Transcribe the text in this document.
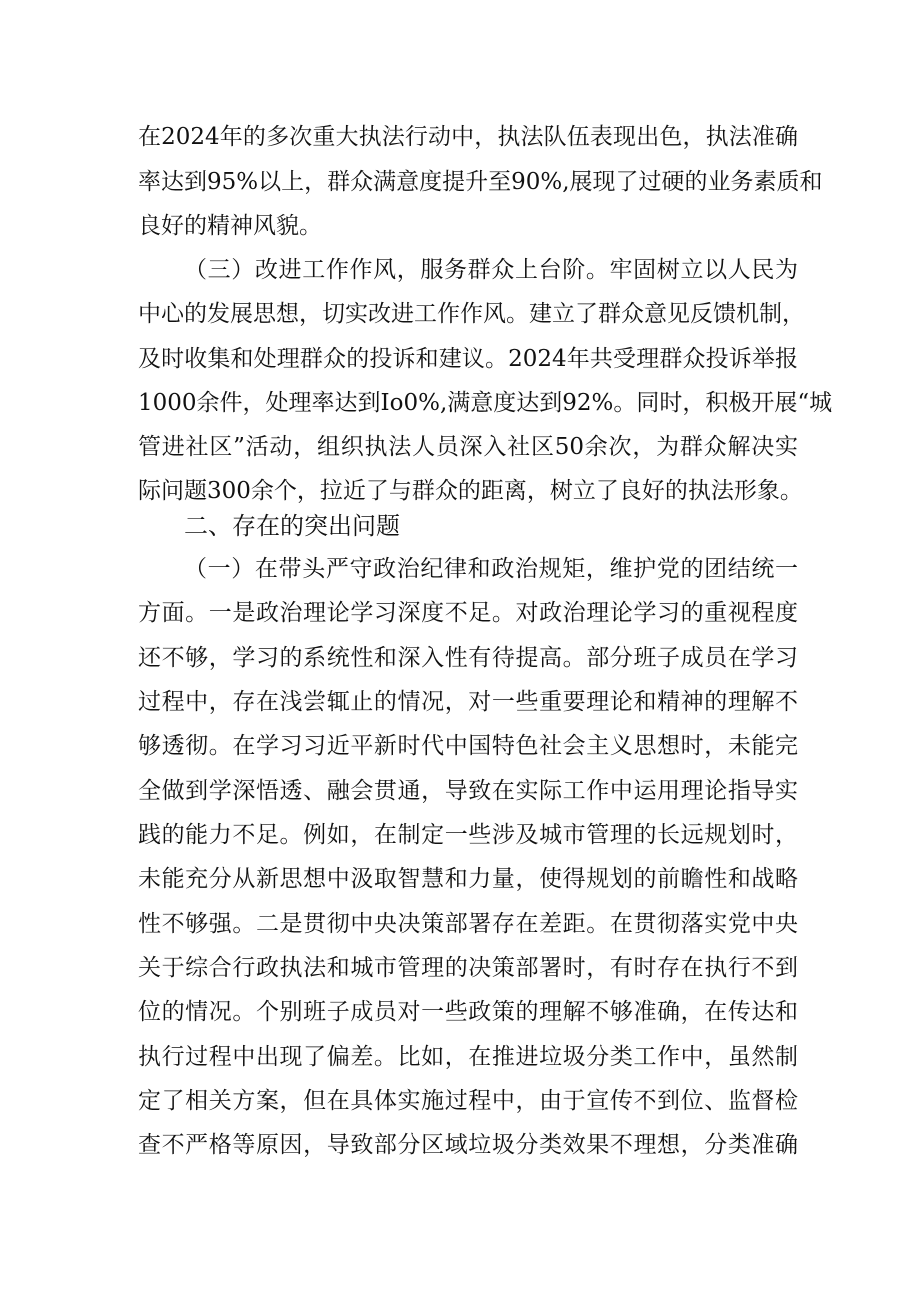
在2024年的多次重大执法行动中，执法队伍表现出色，执法准确
率达到95%以上，群众满意度提升至90%,展现了过硬的业务素质和
良好的精神风貌。
（三）改进工作作风，服务群众上台阶。牢固树立以人民为
中心的发展思想，切实改进工作作风。建立了群众意见反馈机制，
及时收集和处理群众的投诉和建议。2024年共受理群众投诉举报
1000余件，处理率达到Io0%,满意度达到92%。同时，积极开展“城
管进社区”活动，组织执法人员深入社区50余次，为群众解决实
际问题300余个，拉近了与群众的距离，树立了良好的执法形象。
二、存在的突出问题
（一）在带头严守政治纪律和政治规矩，维护党的团结统一
方面。一是政治理论学习深度不足。对政治理论学习的重视程度
还不够，学习的系统性和深入性有待提高。部分班子成员在学习
过程中，存在浅尝辄止的情况，对一些重要理论和精神的理解不
够透彻。在学习习近平新时代中国特色社会主义思想时，未能完
全做到学深悟透、融会贯通，导致在实际工作中运用理论指导实
践的能力不足。例如，在制定一些涉及城市管理的长远规划时，
未能充分从新思想中汲取智慧和力量，使得规划的前瞻性和战略
性不够强。二是贯彻中央决策部署存在差距。在贯彻落实党中央
关于综合行政执法和城市管理的决策部署时，有时存在执行不到
位的情况。个别班子成员对一些政策的理解不够准确，在传达和
执行过程中出现了偏差。比如，在推进垃圾分类工作中，虽然制
定了相关方案，但在具体实施过程中，由于宣传不到位、监督检
查不严格等原因，导致部分区域垃圾分类效果不理想，分类准确
